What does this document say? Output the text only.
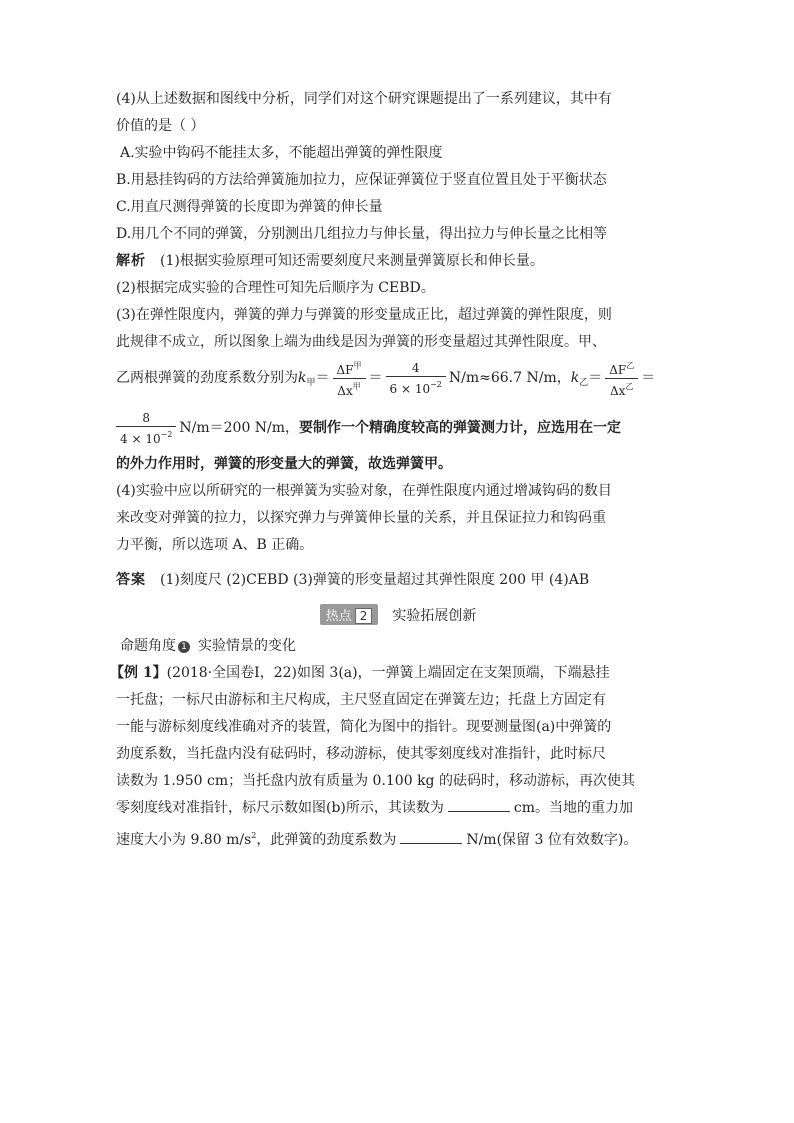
(4)从上述数据和图线中分析，同学们对这个研究课题提出了一系列建议，其中有
价值的是（ ）
A.实验中钩码不能挂太多，不能超出弹簧的弹性限度
B.用悬挂钩码的方法给弹簧施加拉力，应保证弹簧位于竖直位置且处于平衡状态
C.用直尺测得弹簧的长度即为弹簧的伸长量
D.用几个不同的弹簧，分别测出几组拉力与伸长量，得出拉力与伸长量之比相等
解析 (1)根据实验原理可知还需要刻度尺来测量弹簧原长和伸长量。
(2)根据完成实验的合理性可知先后顺序为 CEBD。
(3)在弹性限度内，弹簧的弹力与弹簧的形变量成正比，超过弹簧的弹性限度，则
此规律不成立，所以图象上端为曲线是因为弹簧的形变量超过其弹性限度。甲、
乙两根弹簧的劲度系数分别为$k_甲= \frac{\Delta F^甲}{\Delta x^甲} = \frac{4}{6 \times 10^{-2}} N/m\approx 66.7$ N/m，$k_乙= \frac{\Delta F^乙}{\Delta x^乙}$ ＝
$\frac{8}{4 \times 10^{-2}} N/m=200$ N/m，要制作一个精确度较高的弹簧测力计，应选用在一定
的外力作用时，弹簧的形变量大的弹簧，故选弹簧甲。
(4)实验中应以所研究的一根弹簧为实验对象，在弹性限度内通过增减钩码的数目
来改变对弹簧的拉力，以探究弹力与弹簧伸长量的关系，并且保证拉力和钩码重
力平衡，所以选项 A、B 正确。
答案 (1)刻度尺 (2)CEBD (3)弹簧的形变量超过其弹性限度 200 甲 (4)AB
热点 2 实验拓展创新
命题角度 1 实验情景的变化
【例 1】(2018·全国卷Ⅰ，22)如图 3(a)，一弹簧上端固定在支架顶端，下端悬挂
一托盘；一标尺由游标和主尺构成，主尺竖直固定在弹簧左边；托盘上方固定有
一能与游标刻度线准确对齐的装置，简化为图中的指针。现要测量图(a)中弹簧的
劲度系数，当托盘内没有砝码时，移动游标，使其零刻度线对准指针，此时标尺
读数为 1.950 cm；当托盘内放有质量为 0.100 kg 的砝码时，移动游标，再次使其
零刻度线对准指针，标尺示数如图(b)所示，其读数为	cm。当地的重力加
速度大小为 9.80 $m/s^2$，此弹簧的劲度系数为	N/m(保留 3 位有效数字)。
